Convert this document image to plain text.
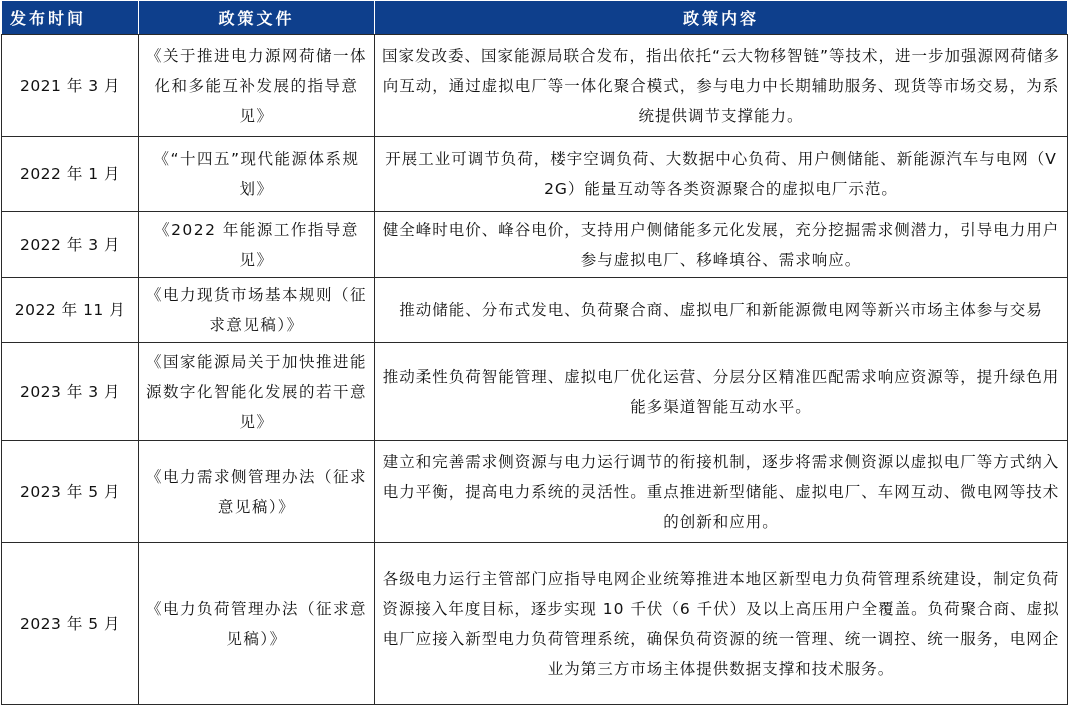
发布时间	政策文件	政策内容
2021 年 3 月	《关于推进电力源网荷储一体化和多能互补发展的指导意见》	国家发改委、国家能源局联合发布，指出依托“云大物移智链”等技术，进一步加强源网荷储多向互动，通过虚拟电厂等一体化聚合模式，参与电力中长期辅助服务、现货等市场交易，为系统提供调节支撑能力。
2022 年 1 月	《“十四五”现代能源体系规划》	开展工业可调节负荷，楼宇空调负荷、大数据中心负荷、用户侧储能、新能源汽车与电网（V2G）能量互动等各类资源聚合的虚拟电厂示范。
2022 年 3 月	《2022 年能源工作指导意见》	健全峰时电价、峰谷电价，支持用户侧储能多元化发展，充分挖掘需求侧潜力，引导电力用户参与虚拟电厂、移峰填谷、需求响应。
2022 年 11 月	《电力现货市场基本规则（征求意见稿）》	推动储能、分布式发电、负荷聚合商、虚拟电厂和新能源微电网等新兴市场主体参与交易
2023 年 3 月	《国家能源局关于加快推进能源数字化智能化发展的若干意见》	推动柔性负荷智能管理、虚拟电厂优化运营、分层分区精准匹配需求响应资源等，提升绿色用能多渠道智能互动水平。
2023 年 5 月	《电力需求侧管理办法（征求意见稿）》	建立和完善需求侧资源与电力运行调节的衔接机制，逐步将需求侧资源以虚拟电厂等方式纳入电力平衡，提高电力系统的灵活性。重点推进新型储能、虚拟电厂、车网互动、微电网等技术的创新和应用。
2023 年 5 月	《电力负荷管理办法（征求意见稿）》	各级电力运行主管部门应指导电网企业统筹推进本地区新型电力负荷管理系统建设，制定负荷资源接入年度目标，逐步实现 10 千伏（6 千伏）及以上高压用户全覆盖。负荷聚合商、虚拟电厂应接入新型电力负荷管理系统，确保负荷资源的统一管理、统一调控、统一服务，电网企业为第三方市场主体提供数据支撑和技术服务。
